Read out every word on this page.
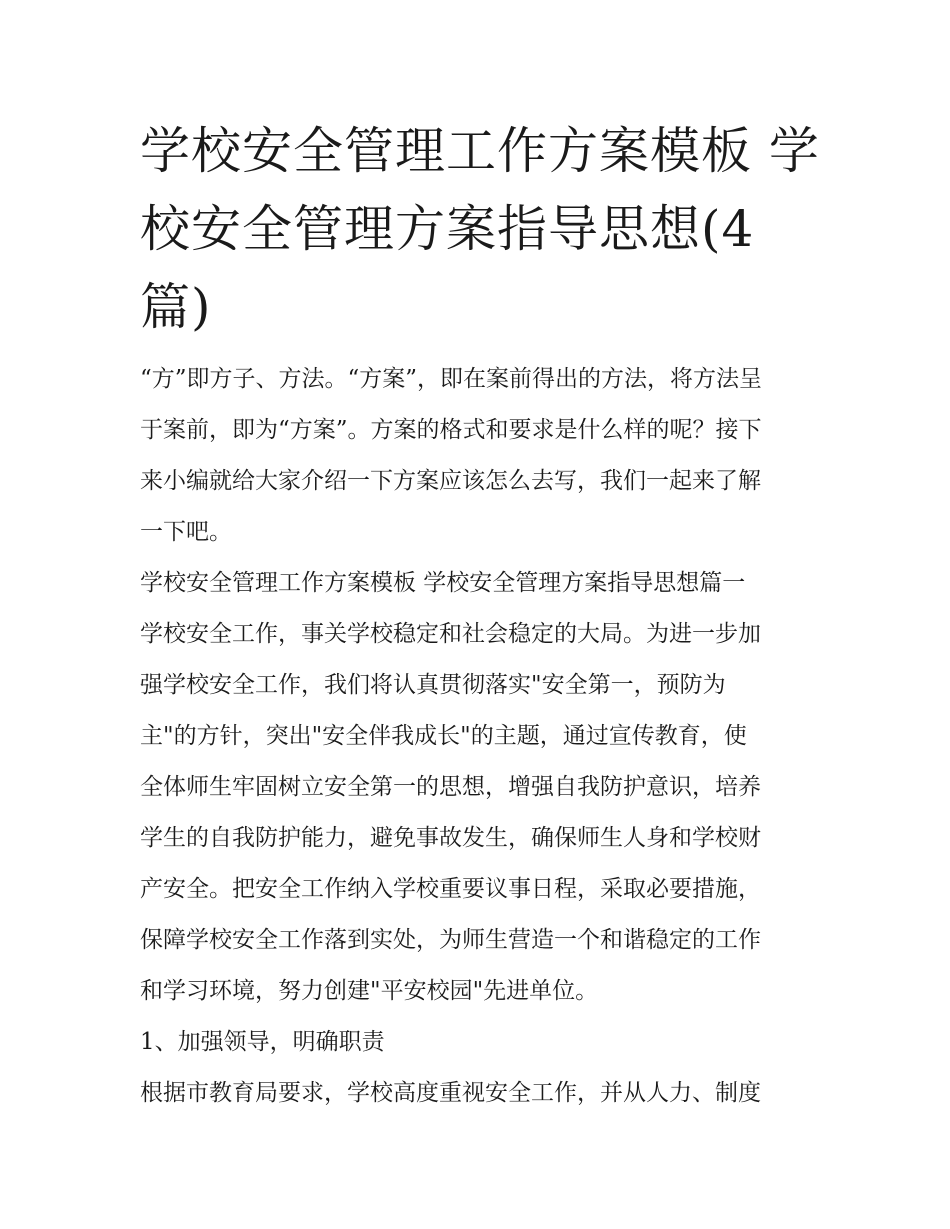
学校安全管理工作方案模板 学
校安全管理方案指导思想(4
篇)

“方”即方子、方法。“方案”，即在案前得出的方法，将方法呈
于案前，即为“方案”。方案的格式和要求是什么样的呢？接下
来小编就给大家介绍一下方案应该怎么去写，我们一起来了解
一下吧。

学校安全管理工作方案模板 学校安全管理方案指导思想篇一

学校安全工作，事关学校稳定和社会稳定的大局。为进一步加
强学校安全工作，我们将认真贯彻落实"安全第一，预防为
主"的方针，突出"安全伴我成长"的主题，通过宣传教育，使
全体师生牢固树立安全第一的思想，增强自我防护意识，培养
学生的自我防护能力，避免事故发生，确保师生人身和学校财
产安全。把安全工作纳入学校重要议事日程，采取必要措施，
保障学校安全工作落到实处，为师生营造一个和谐稳定的工作
和学习环境，努力创建"平安校园"先进单位。

1、加强领导，明确职责

根据市教育局要求，学校高度重视安全工作，并从人力、制度
